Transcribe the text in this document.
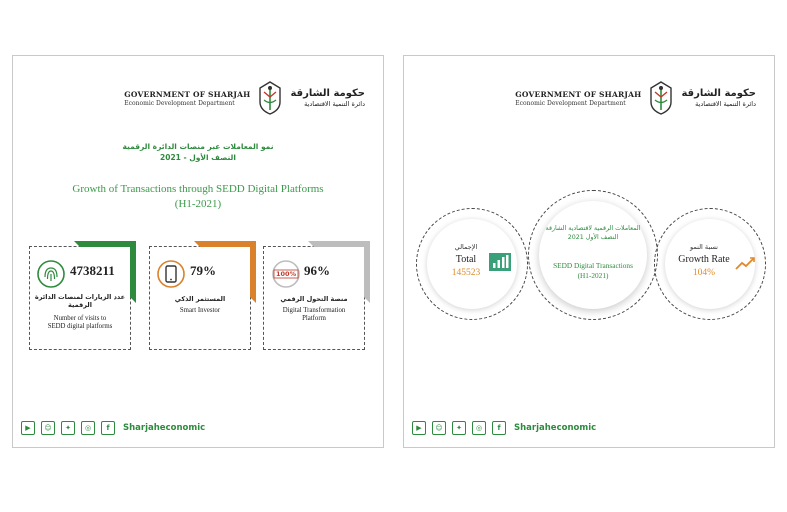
GOVERNMENT OF SHARJAH
Economic Development Department
حكومة الشارقة
دائرة التنمية الاقتصادية
نمو المعاملات عبر منصات الدائرة الرقمية
النصف الأول - 2021
Growth of Transactions through SEDD Digital Platforms
(H1-2021)
4738211
عدد الزيارات لمنصات الدائرة الرقمية
Number of visits to SEDD digital platforms
79%
المستثمر الذكي
Smart Investor
100% 96%
منصة التحول الرقمي
Digital Transformation Platform
▶	☺	✦	◎	f	Sharjaheconomic
GOVERNMENT OF SHARJAH
Economic Development Department
حكومة الشارقة
دائرة التنمية الاقتصادية
الإجمالي
Total
145523
المعاملات الرقمية لاقتصادية الشارقة
النصف الأول 2021
SEDD Digital Transactions
(H1-2021)
نسبة النمو
Growth Rate
104%
▶	☺	✦	◎	f	Sharjaheconomic
